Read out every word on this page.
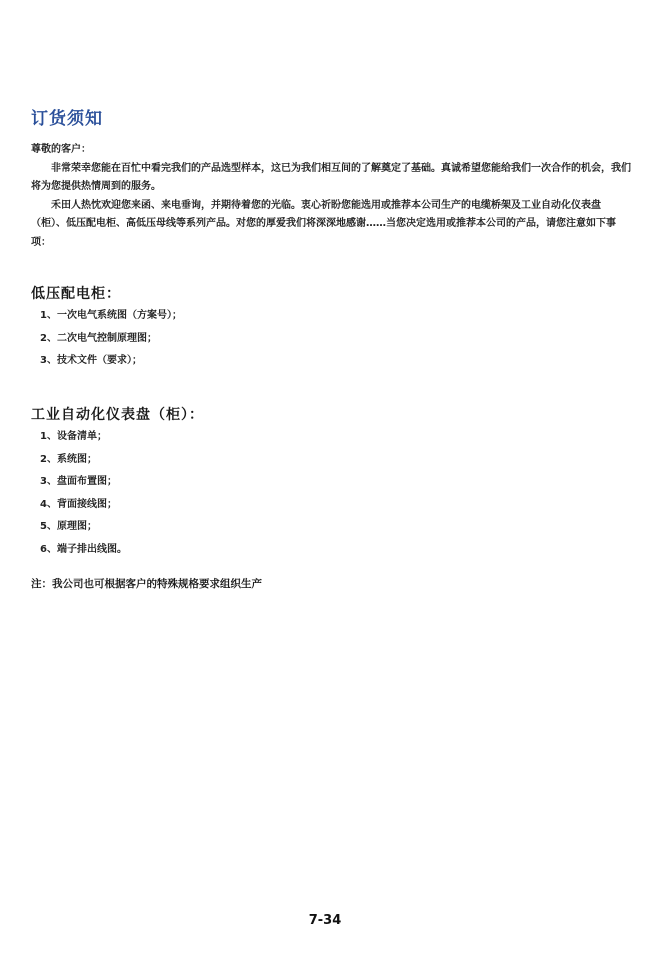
订货须知

尊敬的客户：

非常荣幸您能在百忙中看完我们的产品选型样本，这已为我们相互间的了解奠定了基础。真诚希望您能给我们一次合作的机会，我们将为您提供热情周到的服务。

禾田人热忱欢迎您来函、来电垂询，并期待着您的光临。衷心祈盼您能选用或推荐本公司生产的电缆桥架及工业自动化仪表盘（柜）、低压配电柜、高低压母线等系列产品。对您的厚爱我们将深深地感谢……当您决定选用或推荐本公司的产品，请您注意如下事项：

低压配电柜：
1、一次电气系统图（方案号）；
2、二次电气控制原理图；
3、技术文件（要求）；
工业自动化仪表盘（柜）：
1、设备清单；
2、系统图；
3、盘面布置图；
4、背面接线图；
5、原理图；
6、端子排出线图。
注：我公司也可根据客户的特殊规格要求组织生产
7-34
